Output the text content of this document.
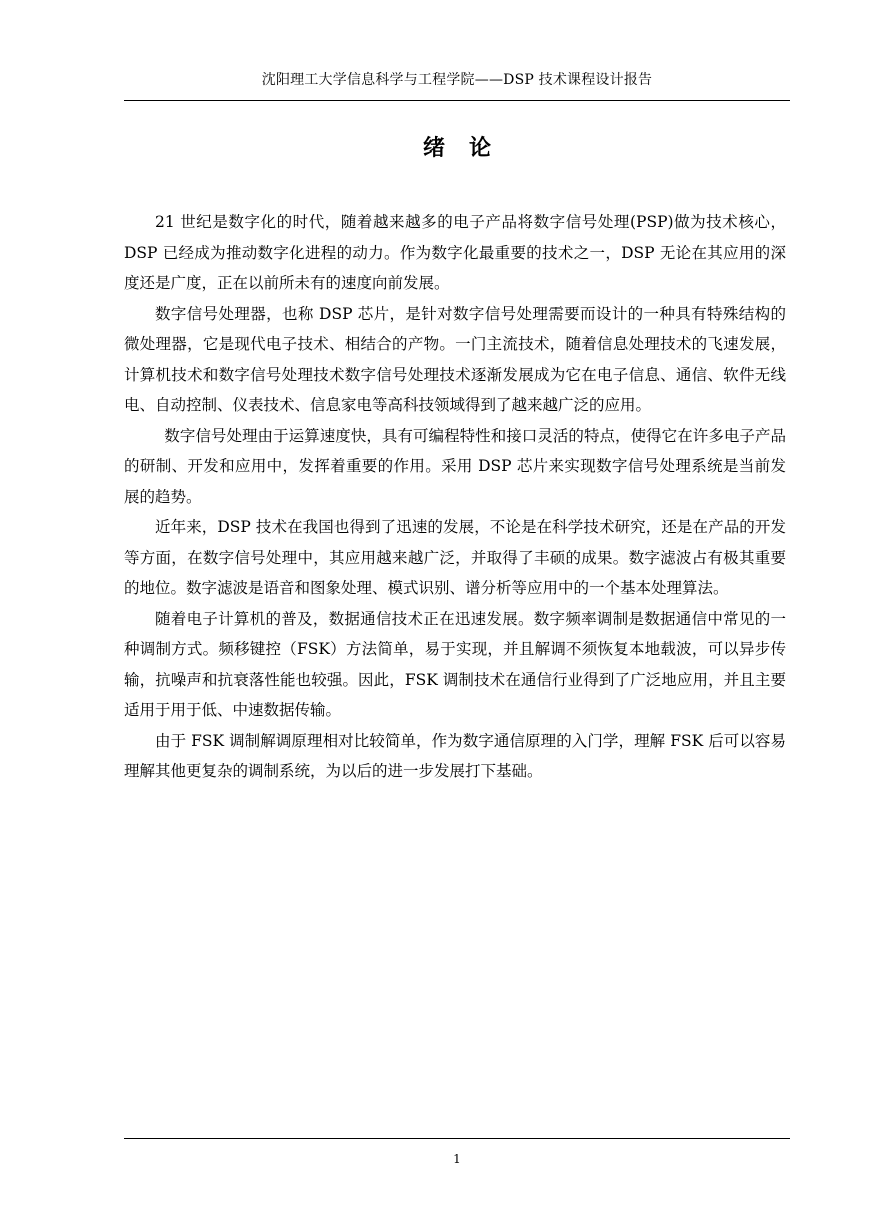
沈阳理工大学信息科学与工程学院——DSP 技术课程设计报告
绪论

21 世纪是数字化的时代，随着越来越多的电子产品将数字信号处理(PSP)做为技术核心，DSP 已经成为推动数字化进程的动力。作为数字化最重要的技术之一，DSP 无论在其应用的深度还是广度，正在以前所未有的速度向前发展。

数字信号处理器，也称 DSP 芯片，是针对数字信号处理需要而设计的一种具有特殊结构的微处理器，它是现代电子技术、相结合的产物。一门主流技术，随着信息处理技术的飞速发展，计算机技术和数字信号处理技术数字信号处理技术逐渐发展成为它在电子信息、通信、软件无线电、自动控制、仪表技术、信息家电等高科技领域得到了越来越广泛的应用。

数字信号处理由于运算速度快，具有可编程特性和接口灵活的特点，使得它在许多电子产品的研制、开发和应用中，发挥着重要的作用。采用 DSP 芯片来实现数字信号处理系统是当前发展的趋势。

近年来，DSP 技术在我国也得到了迅速的发展，不论是在科学技术研究，还是在产品的开发等方面，在数字信号处理中，其应用越来越广泛，并取得了丰硕的成果。数字滤波占有极其重要的地位。数字滤波是语音和图象处理、模式识别、谱分析等应用中的一个基本处理算法。

随着电子计算机的普及，数据通信技术正在迅速发展。数字频率调制是数据通信中常见的一种调制方式。频移键控（FSK）方法简单，易于实现，并且解调不须恢复本地载波，可以异步传输，抗噪声和抗衰落性能也较强。因此，FSK 调制技术在通信行业得到了广泛地应用，并且主要适用于用于低、中速数据传输。

由于 FSK 调制解调原理相对比较简单，作为数字通信原理的入门学，理解 FSK 后可以容易理解其他更复杂的调制系统，为以后的进一步发展打下基础。

1
